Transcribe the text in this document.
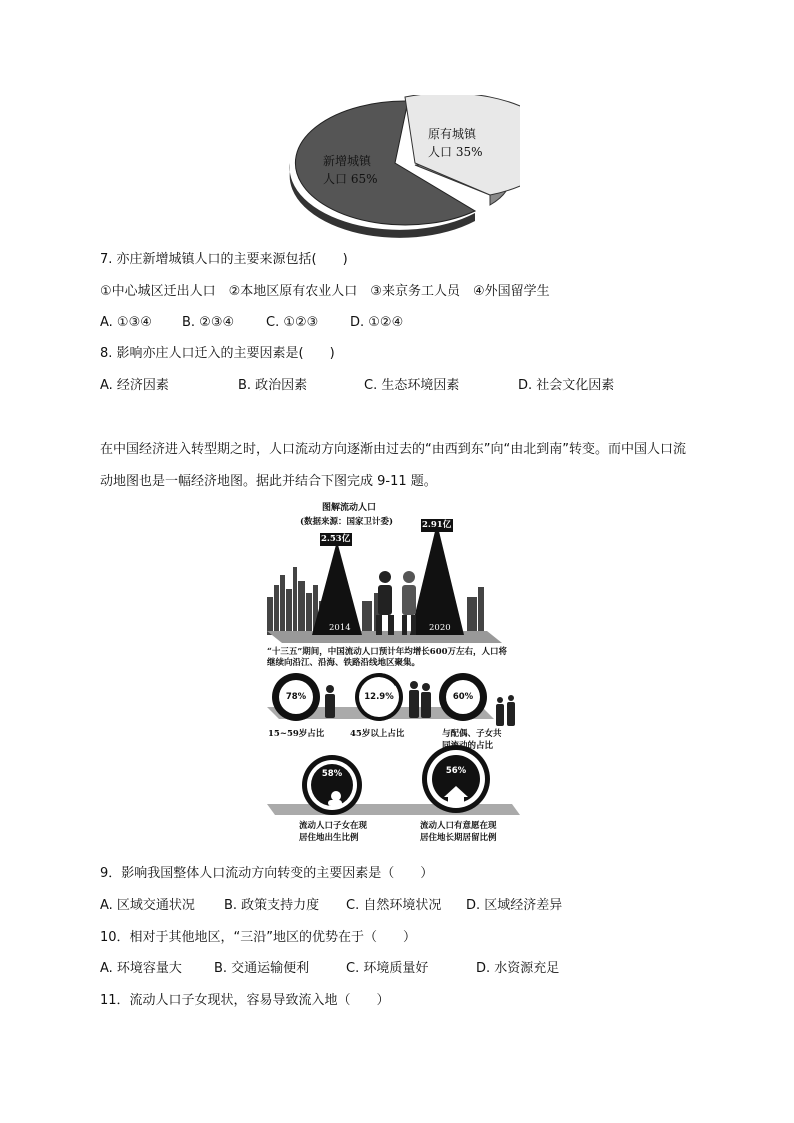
新增城镇
人口 65%
原有城镇
人口 35%
7. 亦庄新增城镇人口的主要来源包括(　　)
①中心城区迁出人口　②本地区原有农业人口　③来京务工人员　④外国留学生
A. ①③④ B. ②③④ C. ①②③ D. ①②④
8. 影响亦庄人口迁入的主要因素是(　　)
A. 经济因素	B. 政治因素	C. 生态环境因素	D. 社会文化因素
在中国经济进入转型期之时，人口流动方向逐渐由过去的“由西到东”向“由北到南”转变。而中国人口流
动地图也是一幅经济地图。据此并结合下图完成 9-11 题。
图解流动人口
(数据来源：国家卫计委)
2.53亿
2.91亿
2014	2020
“十三五”期间，中国流动人口预计年均增长600万左右，人口将
继续向沿江、沿海、铁路沿线地区聚集。
78%	12.9%	60%
58%	56%
15~59岁占比	45岁以上占比	与配偶、子女共
同流动的占比
流动人口子女在现
居住地出生比例
流动人口有意愿在现
居住地长期居留比例
9．影响我国整体人口流动方向转变的主要因素是（　　）
A. 区域交通状况 B. 政策支持力度 C. 自然环境状况 D. 区域经济差异
10．相对于其他地区，“三沿”地区的优势在于（　　）
A. 环境容量大 B. 交通运输便利	C. 环境质量好	D. 水资源充足
11．流动人口子女现状，容易导致流入地（　　）
